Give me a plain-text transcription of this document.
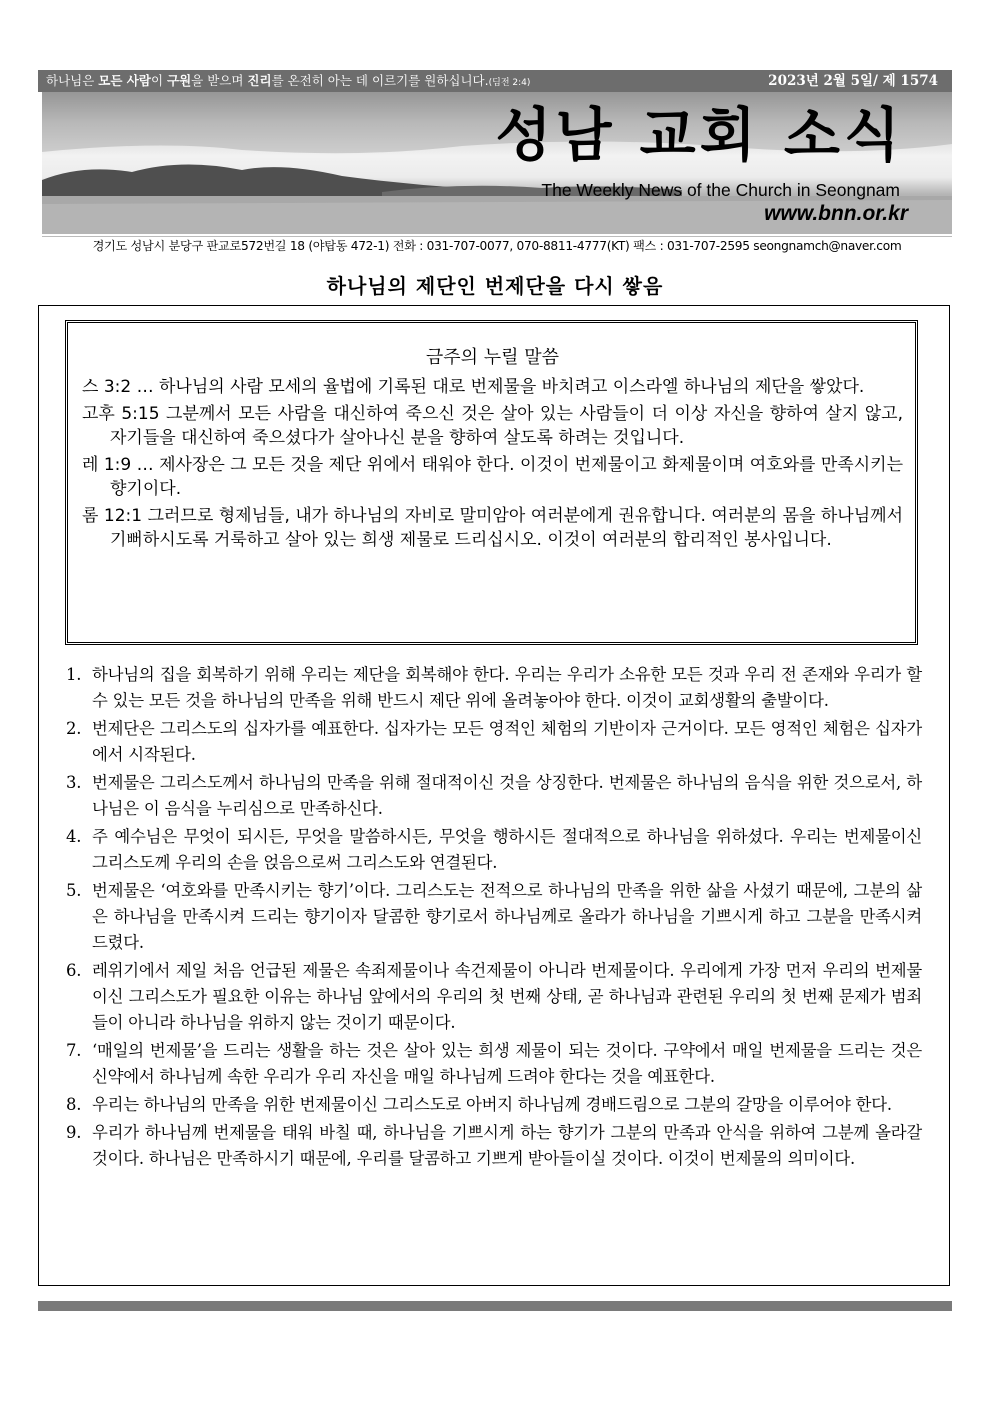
하나님은 모든 사람이 구원을 받으며 진리를 온전히 아는 데 이르기를 원하십니다.(딤전 2:4)	2023년 2월 5일/ 제 1574
성남 교회 소식
The Weekly News of the Church in Seongnam
www.bnn.or.kr
경기도 성남시 분당구 판교로572번길 18 (야탑동 472-1) 전화 : 031-707-0077, 070-8811-4777(KT) 팩스 : 031-707-2595 seongnamch@naver.com
하나님의 제단인 번제단을 다시 쌓음
금주의 누릴 말씀
스 3:2 … 하나님의 사람 모세의 율법에 기록된 대로 번제물을 바치려고 이스라엘 하나님의 제단을 쌓았다.
고후 5:15 그분께서 모든 사람을 대신하여 죽으신 것은 살아 있는 사람들이 더 이상 자신을 향하여 살지 않고, 자기들을 대신하여 죽으셨다가 살아나신 분을 향하여 살도록 하려는 것입니다.
레 1:9 … 제사장은 그 모든 것을 제단 위에서 태워야 한다. 이것이 번제물이고 화제물이며 여호와를 만족시키는 향기이다.
롬 12:1 그러므로 형제님들, 내가 하나님의 자비로 말미암아 여러분에게 권유합니다. 여러분의 몸을 하나님께서 기뻐하시도록 거룩하고 살아 있는 희생 제물로 드리십시오. 이것이 여러분의 합리적인 봉사입니다.
1. 하나님의 집을 회복하기 위해 우리는 제단을 회복해야 한다. 우리는 우리가 소유한 모든 것과 우리 전 존재와 우리가 할 수 있는 모든 것을 하나님의 만족을 위해 반드시 제단 위에 올려놓아야 한다. 이것이 교회생활의 출발이다.
2. 번제단은 그리스도의 십자가를 예표한다. 십자가는 모든 영적인 체험의 기반이자 근거이다. 모든 영적인 체험은 십자가에서 시작된다.
3. 번제물은 그리스도께서 하나님의 만족을 위해 절대적이신 것을 상징한다. 번제물은 하나님의 음식을 위한 것으로서, 하나님은 이 음식을 누리심으로 만족하신다.
4. 주 예수님은 무엇이 되시든, 무엇을 말씀하시든, 무엇을 행하시든 절대적으로 하나님을 위하셨다. 우리는 번제물이신 그리스도께 우리의 손을 얹음으로써 그리스도와 연결된다.
5. 번제물은 ‘여호와를 만족시키는 향기’이다. 그리스도는 전적으로 하나님의 만족을 위한 삶을 사셨기 때문에, 그분의 삶은 하나님을 만족시켜 드리는 향기이자 달콤한 향기로서 하나님께로 올라가 하나님을 기쁘시게 하고 그분을 만족시켜 드렸다.
6. 레위기에서 제일 처음 언급된 제물은 속죄제물이나 속건제물이 아니라 번제물이다. 우리에게 가장 먼저 우리의 번제물이신 그리스도가 필요한 이유는 하나님 앞에서의 우리의 첫 번째 상태, 곧 하나님과 관련된 우리의 첫 번째 문제가 범죄들이 아니라 하나님을 위하지 않는 것이기 때문이다.
7. ‘매일의 번제물’을 드리는 생활을 하는 것은 살아 있는 희생 제물이 되는 것이다. 구약에서 매일 번제물을 드리는 것은 신약에서 하나님께 속한 우리가 우리 자신을 매일 하나님께 드려야 한다는 것을 예표한다.
8. 우리는 하나님의 만족을 위한 번제물이신 그리스도로 아버지 하나님께 경배드림으로 그분의 갈망을 이루어야 한다.
9. 우리가 하나님께 번제물을 태워 바칠 때, 하나님을 기쁘시게 하는 향기가 그분의 만족과 안식을 위하여 그분께 올라갈 것이다. 하나님은 만족하시기 때문에, 우리를 달콤하고 기쁘게 받아들이실 것이다. 이것이 번제물의 의미이다.
